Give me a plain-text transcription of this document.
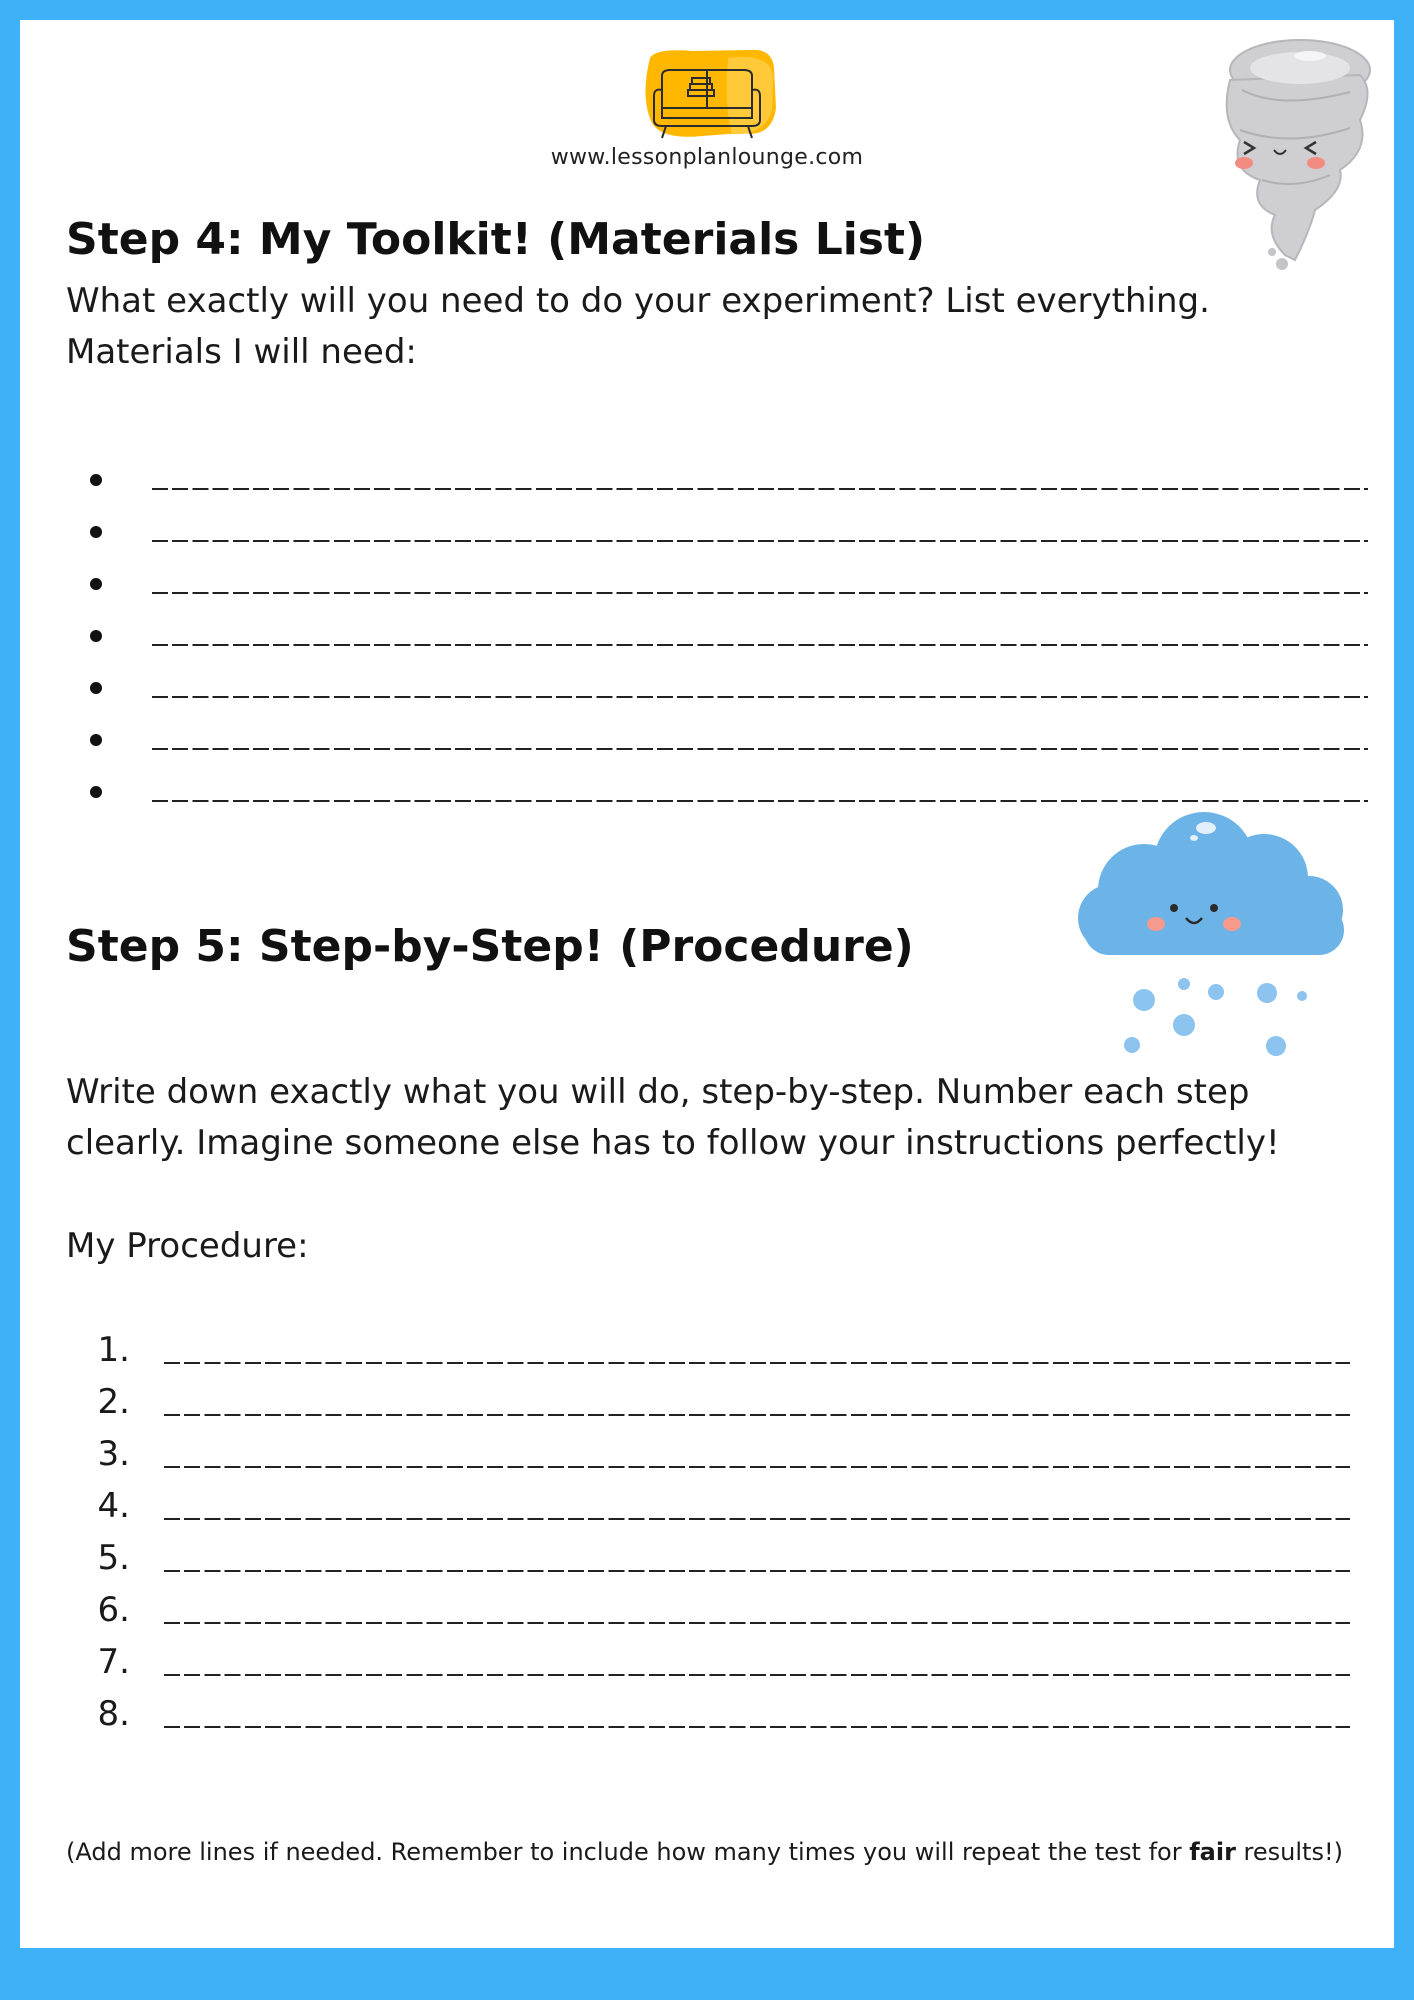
www.lessonplanlounge.com
Step 4: My Toolkit! (Materials List)
What exactly will you need to do your experiment? List everything.
Materials I will need:
Step 5: Step-by-Step! (Procedure)
Write down exactly what you will do, step-by-step. Number each step
clearly. Imagine someone else has to follow your instructions perfectly!
My Procedure:
1.
2.
3.
4.
5.
6.
7.
8.
(Add more lines if needed. Remember to include how many times you will repeat the test for fair results!)
